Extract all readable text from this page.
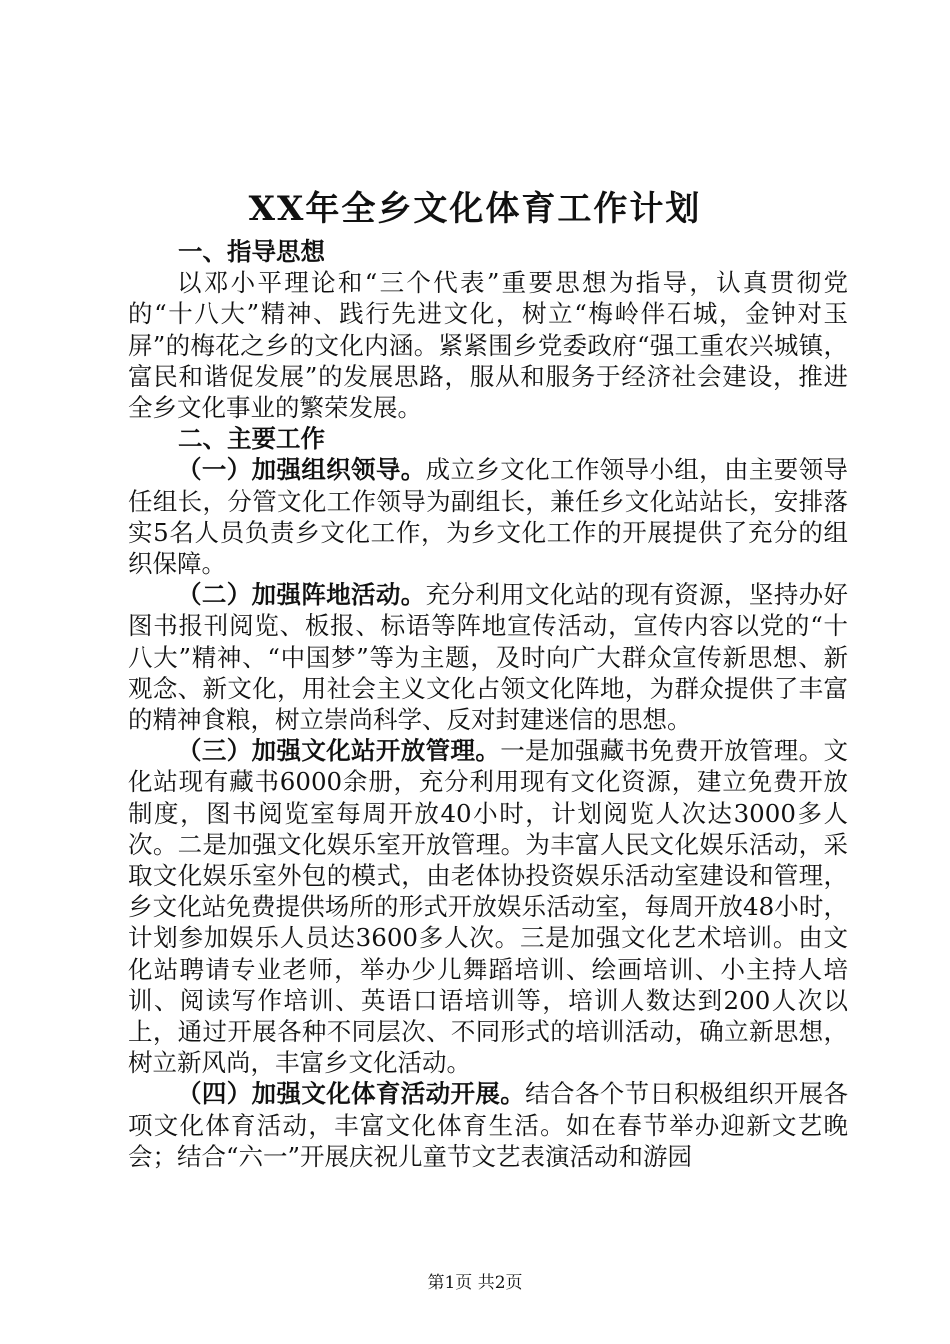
XX年全乡文化体育工作计划

一、指导思想

以邓小平理论和“三个代表”重要思想为指导，认真贯彻党的“十八大”精神、践行先进文化，树立“梅岭伴石城，金钟对玉屏”的梅花之乡的文化内涵。紧紧围乡党委政府“强工重农兴城镇，富民和谐促发展”的发展思路，服从和服务于经济社会建设，推进全乡文化事业的繁荣发展。

二、主要工作

（一）加强组织领导。成立乡文化工作领导小组，由主要领导任组长，分管文化工作领导为副组长，兼任乡文化站站长，安排落实5名人员负责乡文化工作，为乡文化工作的开展提供了充分的组织保障。

（二）加强阵地活动。充分利用文化站的现有资源，坚持办好图书报刊阅览、板报、标语等阵地宣传活动，宣传内容以党的“十八大”精神、“中国梦”等为主题，及时向广大群众宣传新思想、新观念、新文化，用社会主义文化占领文化阵地，为群众提供了丰富的精神食粮，树立崇尚科学、反对封建迷信的思想。

（三）加强文化站开放管理。一是加强藏书免费开放管理。文化站现有藏书6000余册，充分利用现有文化资源，建立免费开放制度，图书阅览室每周开放40小时，计划阅览人次达3000多人次。二是加强文化娱乐室开放管理。为丰富人民文化娱乐活动，采取文化娱乐室外包的模式，由老体协投资娱乐活动室建设和管理，乡文化站免费提供场所的形式开放娱乐活动室，每周开放48小时，计划参加娱乐人员达3600多人次。三是加强文化艺术培训。由文化站聘请专业老师，举办少儿舞蹈培训、绘画培训、小主持人培训、阅读写作培训、英语口语培训等，培训人数达到200人次以上，通过开展各种不同层次、不同形式的培训活动，确立新思想，树立新风尚，丰富乡文化活动。

（四）加强文化体育活动开展。结合各个节日积极组织开展各项文化体育活动，丰富文化体育生活。如在春节举办迎新文艺晚会；结合“六一”开展庆祝儿童节文艺表演活动和游园

第1页 共2页
